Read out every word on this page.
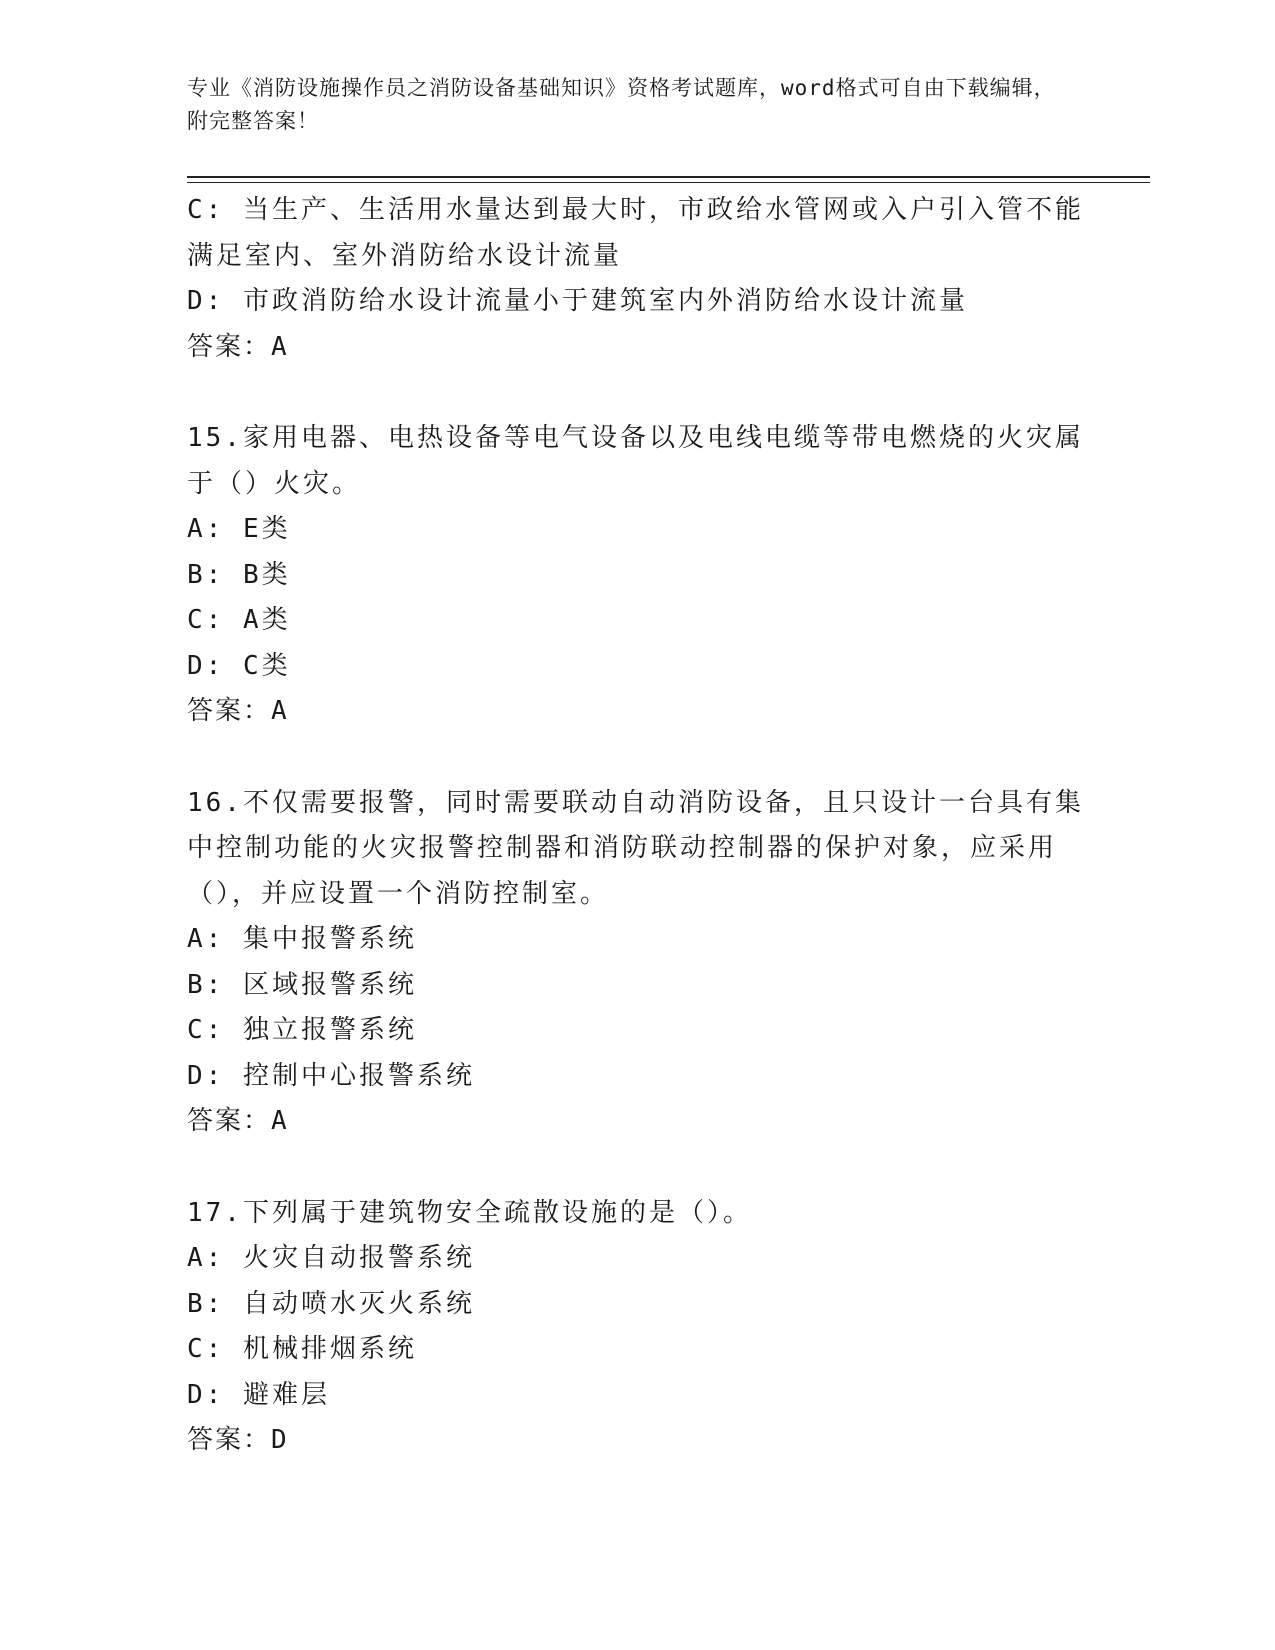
专业《消防设施操作员之消防设备基础知识》资格考试题库，word格式可自由下载编辑，附完整答案！
C: 当生产、生活用水量达到最大时，市政给水管网或入户引入管不能满足室内、室外消防给水设计流量
D: 市政消防给水设计流量小于建筑室内外消防给水设计流量
答案：A
15.家用电器、电热设备等电气设备以及电线电缆等带电燃烧的火灾属于（）火灾。
A: E类
B: B类
C: A类
D: C类
答案：A
16.不仅需要报警，同时需要联动自动消防设备，且只设计一台具有集中控制功能的火灾报警控制器和消防联动控制器的保护对象，应采用（），并应设置一个消防控制室。
A: 集中报警系统
B: 区域报警系统
C: 独立报警系统
D: 控制中心报警系统
答案：A
17.下列属于建筑物安全疏散设施的是（）。
A: 火灾自动报警系统
B: 自动喷水灭火系统
C: 机械排烟系统
D: 避难层
答案：D
